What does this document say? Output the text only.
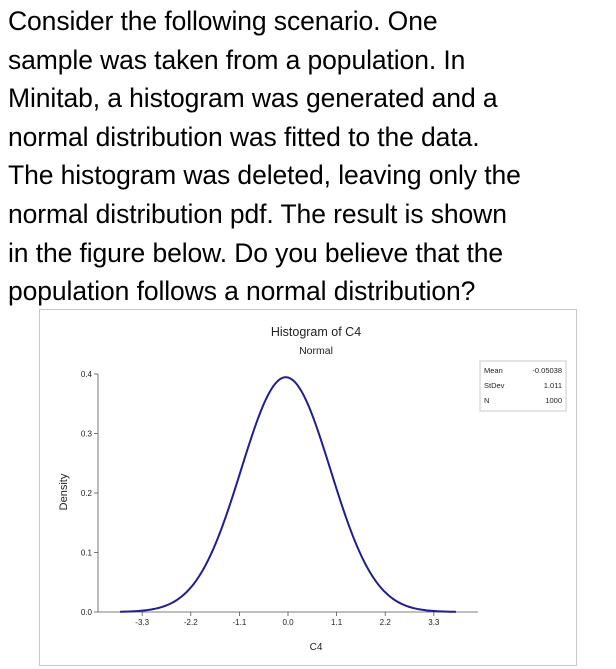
Consider the following scenario. One
sample was taken from a population. In
Minitab, a histogram was generated and a
normal distribution was fitted to the data.
The histogram was deleted, leaving only the
normal distribution pdf. The result is shown
in the figure below. Do you believe that the
population follows a normal distribution?
Histogram of C4
Normal
C4
Density
Mean	-0.05038
StDev	1.011
N	1000
0.0
0.1
0.2
0.3
0.4
-3.3	-2.2	-1.1	0.0	1.1	2.2	3.3
